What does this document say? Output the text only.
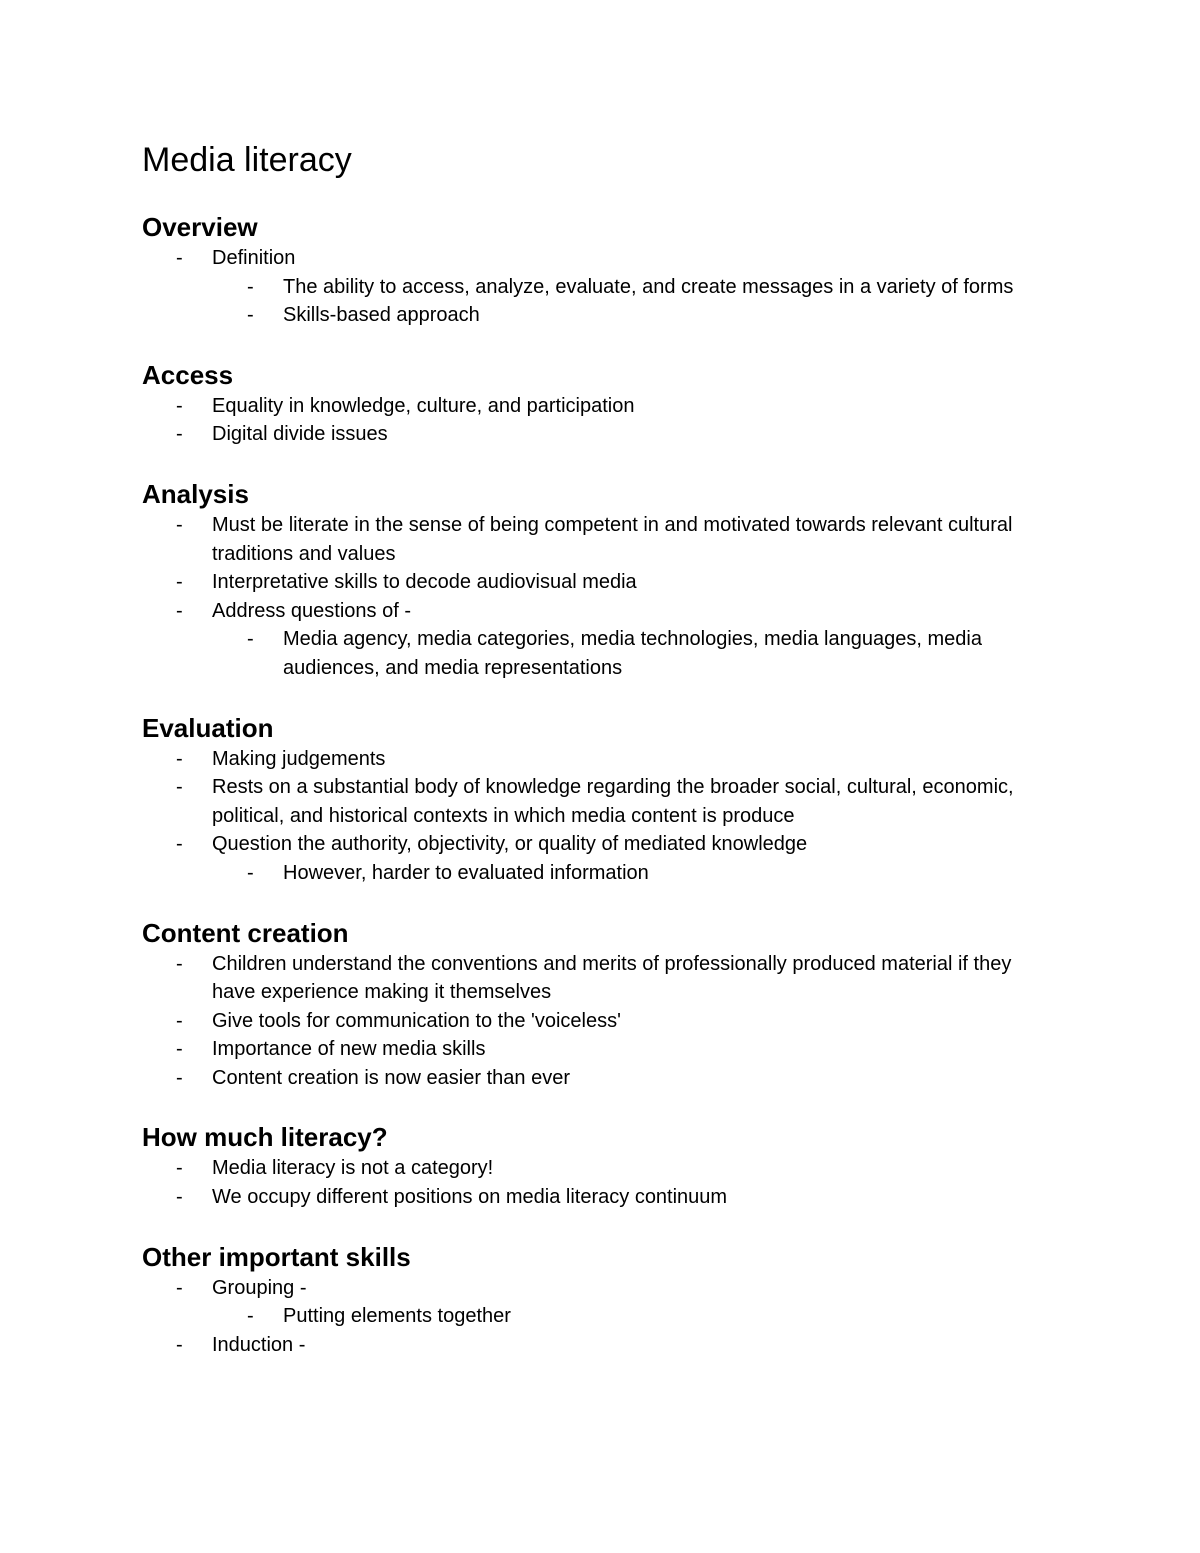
Media literacy
Overview
- Definition
- The ability to access, analyze, evaluate, and create messages in a variety of forms
- Skills-based approach
Access
- Equality in knowledge, culture, and participation
- Digital divide issues
Analysis
- Must be literate in the sense of being competent in and motivated towards relevant cultural traditions and values
- Interpretative skills to decode audiovisual media
- Address questions of -
- Media agency, media categories, media technologies, media languages, media audiences, and media representations
Evaluation
- Making judgements
- Rests on a substantial body of knowledge regarding the broader social, cultural, economic, political, and historical contexts in which media content is produce
- Question the authority, objectivity, or quality of mediated knowledge
- However, harder to evaluated information
Content creation
- Children understand the conventions and merits of professionally produced material if they have experience making it themselves
- Give tools for communication to the 'voiceless'
- Importance of new media skills
- Content creation is now easier than ever
How much literacy?
- Media literacy is not a category!
- We occupy different positions on media literacy continuum
Other important skills
- Grouping -
- Putting elements together
- Induction -
